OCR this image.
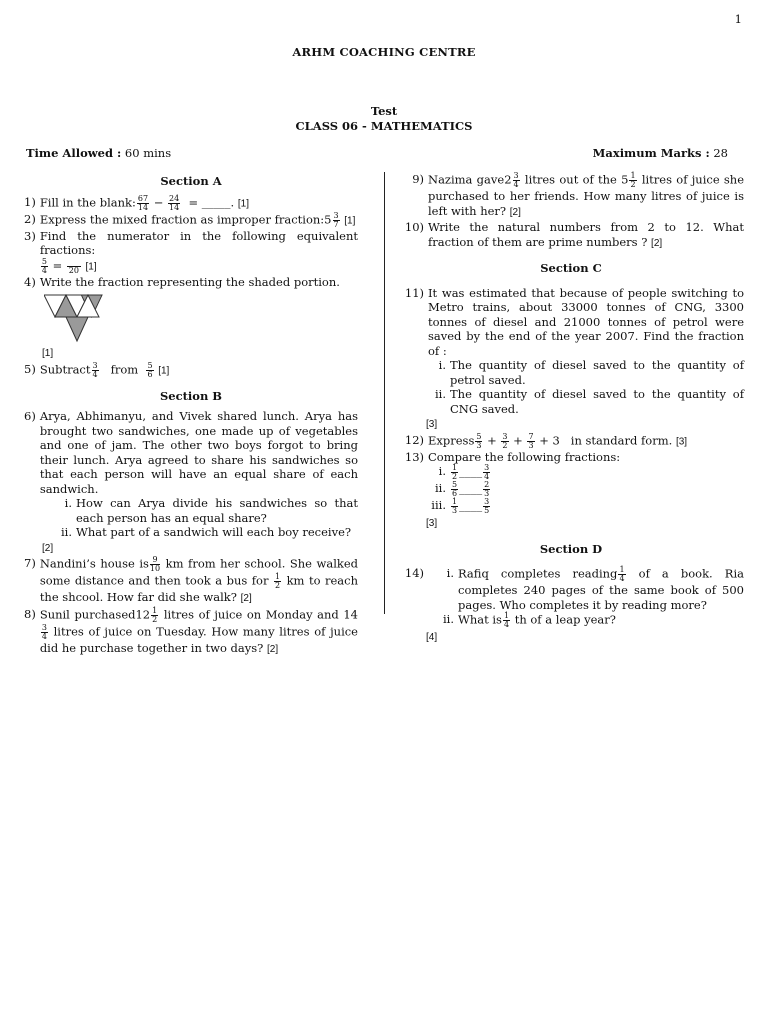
1
ARHM COACHING CENTRE
Test
CLASS 06 - MATHEMATICS
Time Allowed : 60 mins	Maximum Marks : 28
Section A
1) Fill in the blank: $\frac{67}{14} - \frac{24}{14}$ = _____. [1]
2) Express the mixed fraction as improper fraction:5 $\frac{3}{7} [1]$
3) Find the numerator in the following equivalent fractions:

$\frac{5}{4} = 20$ [1]
4) Write the fraction representing the shaded portion.
[1]
5) Subtract $\frac{3}{4}$ from $\frac{5}{6} [1]$
Section B
6) Arya, Abhimanyu, and Vivek shared lunch. Arya has brought two sandwiches, one made up of vegetables and one of jam. The other two boys forgot to bring their lunch. Arya agreed to share his sandwiches so that each person will have an equal share of each sandwich.
i. How can Arya divide his sandwiches so that each person has an equal share?
ii. What part of a sandwich will each boy receive?
[2]
7) Nandini’s house is $\frac{9}{10}$ km from her school. She walked some distance and then took a bus for $\frac{1}{2}$ km to reach the shcool. How far did she walk? [2]
8) Sunil purchased12 $\frac{1}{2}$ litres of juice on Monday and 14
$\frac{3}{4}$ litres of juice on Tuesday. How many litres of juice did he purchase together in two days? [2]
9) Nazima gave2 $\frac{3}{4}$ litres out of the $5 \frac{1}{2}$ litres of juice she purchased to her friends. How many litres of juice is left with her? [2]
10) Write the natural numbers from 2 to 12. What fraction of them are prime numbers ? [2]
Section C
11) It was estimated that because of people switching to Metro trains, about 33000 tonnes of CNG, 3300 tonnes of diesel and 21000 tonnes of petrol were saved by the end of the year 2007. Find the fraction of :
i. The quantity of diesel saved to the quantity of petrol saved.
ii. The quantity of diesel saved to the quantity of CNG saved.
[3]
12) Express $\frac{5}{3} + \frac{3}{2} + \frac{7}{3} + 3$ in standard form. [3]
13) Compare the following fractions:
i. $\frac{1}{2}$ ____ $\frac{3}{4}$
ii. $\frac{5}{6}$ ____ $\frac{2}{3}$
iii. $\frac{1}{3}$ ____ $\frac{3}{5}$
[3]
Section D
14)	i. Rafiq completes reading $\frac{1}{4}$ of a book. Ria completes 240 pages of the same book of 500 pages. Who completes it by reading more?
ii. What is $\frac{1}{4}$ th of a leap year?
[4]
